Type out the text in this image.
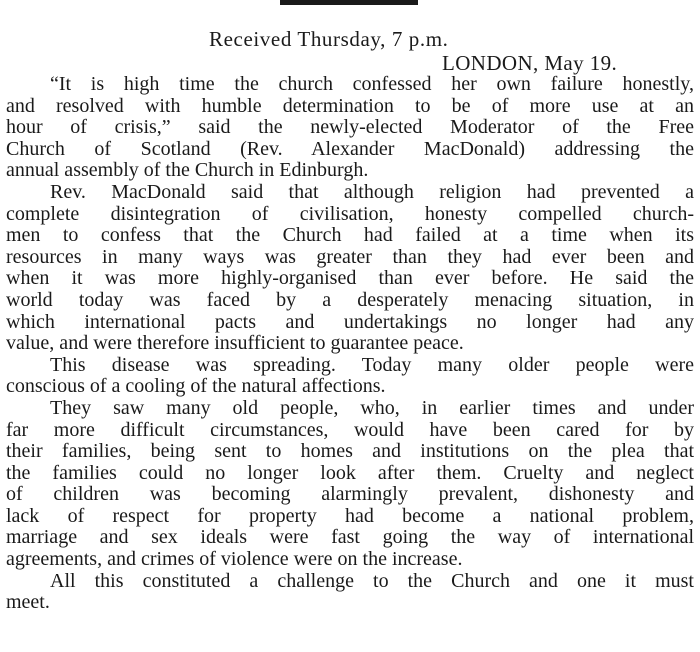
Received Thursday, 7 p.m.
LONDON, May 19.

“It is high time the church confessed her own failure honestly,
and resolved with humble determination to be of more use at an
hour of crisis,” said the newly-elected Moderator of the Free
Church of Scotland (Rev. Alexander MacDonald) addressing the
annual assembly of the Church in Edinburgh.

Rev. MacDonald said that although religion had prevented a
complete disintegration of civilisation, honesty compelled church-
men to confess that the Church had failed at a time when its
resources in many ways was greater than they had ever been and
when it was more highly-organised than ever before. He said the
world today was faced by a desperately menacing situation, in
which international pacts and undertakings no longer had any
value, and were therefore insufficient to guarantee peace.

This disease was spreading. Today many older people were
conscious of a cooling of the natural affections.

They saw many old people, who, in earlier times and under
far more difficult circumstances, would have been cared for by
their families, being sent to homes and institutions on the plea that
the families could no longer look after them. Cruelty and neglect
of children was becoming alarmingly prevalent, dishonesty and
lack of respect for property had become a national problem,
marriage and sex ideals were fast going the way of international
agreements, and crimes of violence were on the increase.

All this constituted a challenge to the Church and one it must
meet.
